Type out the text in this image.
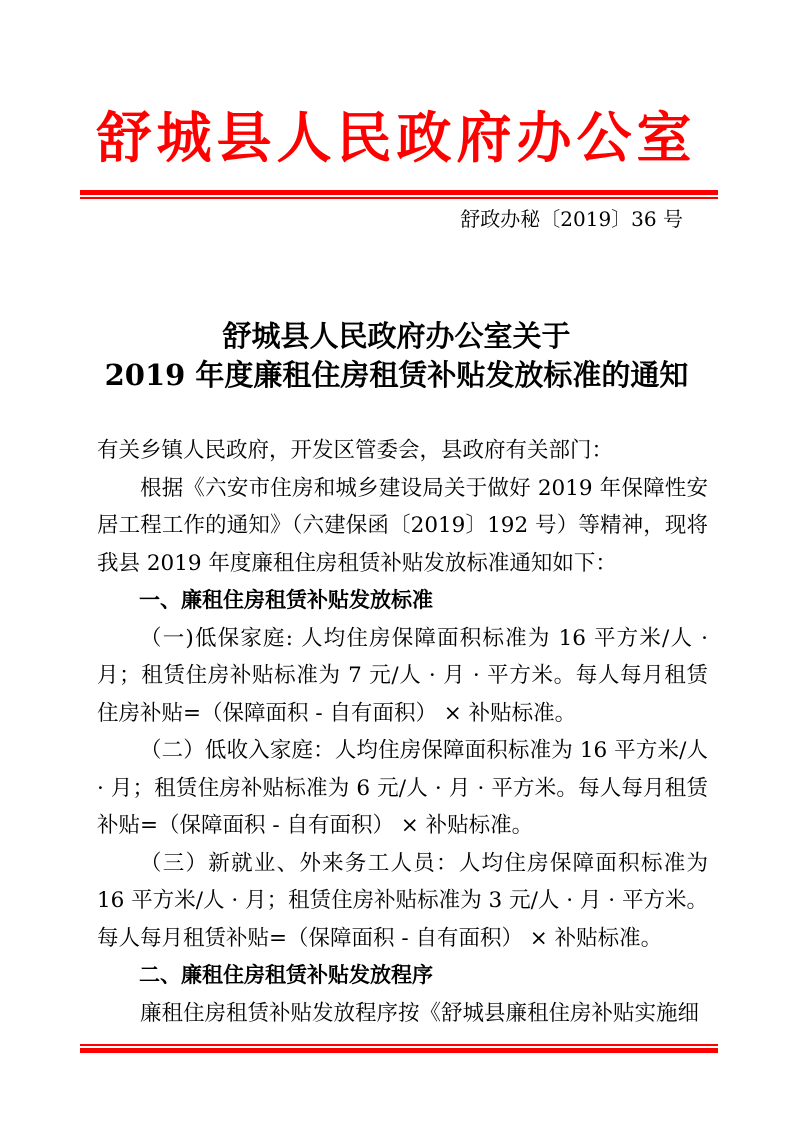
舒城县人民政府办公室
舒政办秘〔2019〕36 号
舒城县人民政府办公室关于
2019 年度廉租住房租赁补贴发放标准的通知

有关乡镇人民政府，开发区管委会，县政府有关部门：

根据《六安市住房和城乡建设局关于做好 2019 年保障性安居工程工作的通知》（六建保函〔2019〕192 号）等精神，现将我县 2019 年度廉租住房租赁补贴发放标准通知如下：

一、廉租住房租赁补贴发放标准

（一)低保家庭: 人均住房保障面积标准为 16 平方米/人 ·月；租赁住房补贴标准为 7 元/人 · 月 · 平方米。每人每月租赁住房补贴=（保障面积 - 自有面积） × 补贴标准。

（二）低收入家庭：人均住房保障面积标准为 16 平方米/人 · 月；租赁住房补贴标准为 6 元/人 · 月 · 平方米。每人每月租赁补贴=（保障面积 - 自有面积） × 补贴标准。

（三）新就业、外来务工人员：人均住房保障面积标准为 16 平方米/人 · 月；租赁住房补贴标准为 3 元/人 · 月 · 平方米。每人每月租赁补贴=（保障面积 - 自有面积） × 补贴标准。

二、廉租住房租赁补贴发放程序

廉租住房租赁补贴发放程序按《舒城县廉租住房补贴实施细
